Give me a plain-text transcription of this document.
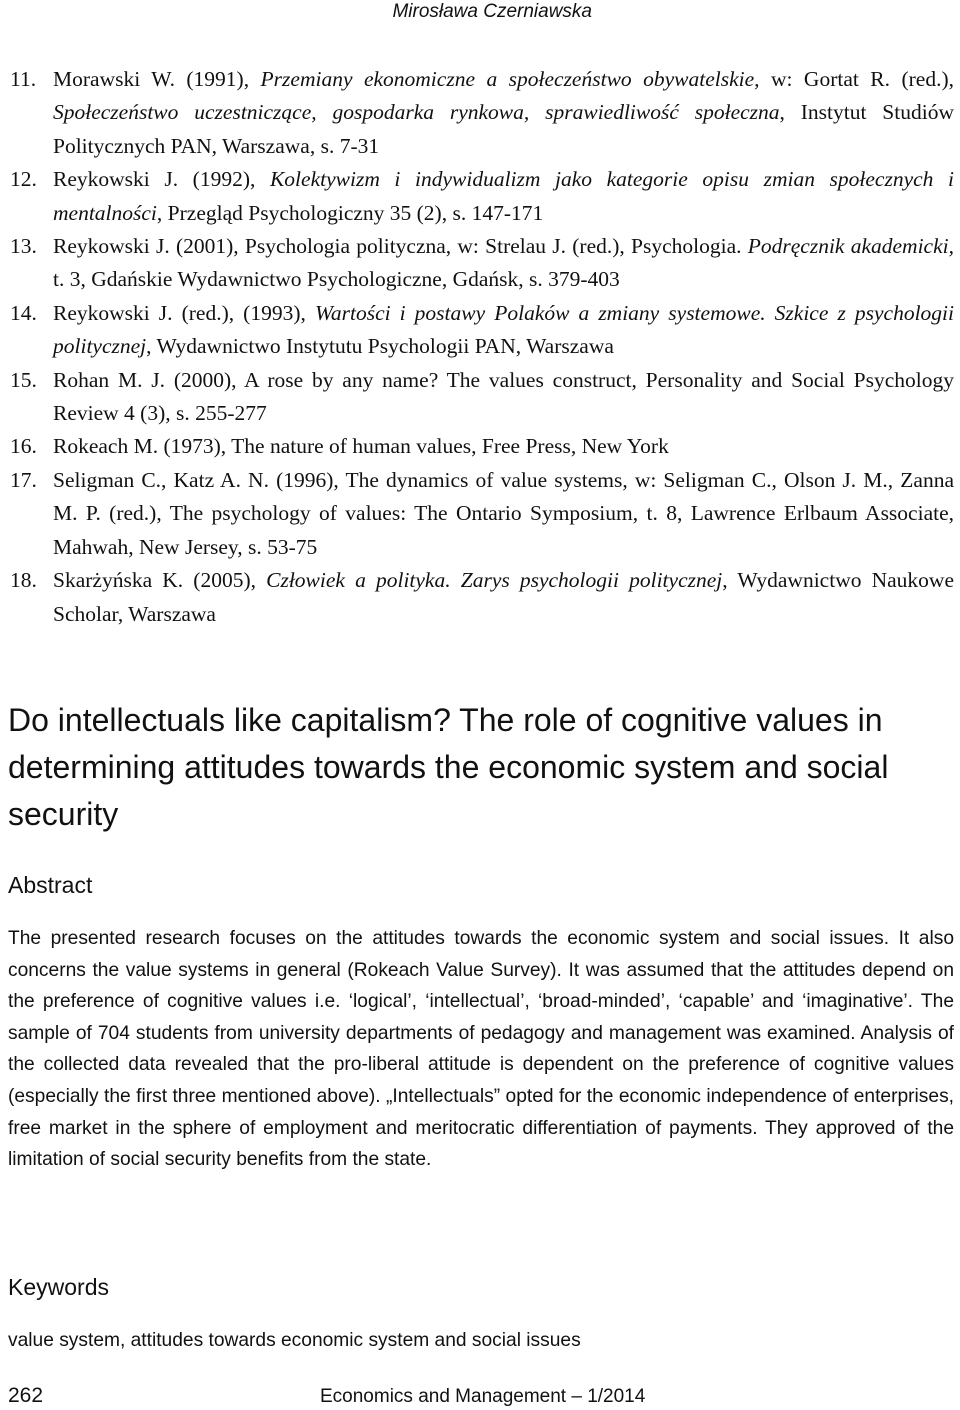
Mirosława Czerniawska
11. Morawski W. (1991), Przemiany ekonomiczne a społeczeństwo obywatelskie, w: Gortat R. (red.), Społeczeństwo uczestniczące, gospodarka rynkowa, sprawiedliwość społeczna, Instytut Studiów Politycznych PAN, Warszawa, s. 7-31
12. Reykowski J. (1992), Kolektywizm i indywidualizm jako kategorie opisu zmian społecznych i mentalności, Przegląd Psychologiczny 35 (2), s. 147-171
13. Reykowski J. (2001), Psychologia polityczna, w: Strelau J. (red.), Psychologia. Podręcznik akademicki, t. 3, Gdańskie Wydawnictwo Psychologiczne, Gdańsk, s. 379-403
14. Reykowski J. (red.), (1993), Wartości i postawy Polaków a zmiany systemowe. Szkice z psychologii politycznej, Wydawnictwo Instytutu Psychologii PAN, Warszawa
15. Rohan M. J. (2000), A rose by any name? The values construct, Personality and Social Psychology Review 4 (3), s. 255-277
16. Rokeach M. (1973), The nature of human values, Free Press, New York
17. Seligman C., Katz A. N. (1996), The dynamics of value systems, w: Seligman C., Olson J. M., Zanna M. P. (red.), The psychology of values: The Ontario Symposium, t. 8, Lawrence Erlbaum Associate, Mahwah, New Jersey, s. 53-75
18. Skarżyńska K. (2005), Człowiek a polityka. Zarys psychologii politycznej, Wydawnictwo Naukowe Scholar, Warszawa
Do intellectuals like capitalism? The role of cognitive values in determining attitudes towards the economic system and social security
Abstract

The presented research focuses on the attitudes towards the economic system and social issues. It also concerns the value systems in general (Rokeach Value Survey). It was assumed that the attitudes depend on the preference of cognitive values i.e. ‘logical’, ‘intellectual’, ‘broad-minded’, ‘capable’ and ‘imaginative’. The sample of 704 students from university departments of pedagogy and management was examined. Analysis of the collected data revealed that the pro-liberal attitude is dependent on the preference of cognitive values (especially the first three mentioned above). „Intellectuals” opted for the economic independence of enterprises, free market in the sphere of employment and meritocratic differentiation of payments. They approved of the limitation of social security benefits from the state.

Keywords

value system, attitudes towards economic system and social issues

262	Economics and Management – 1/2014
